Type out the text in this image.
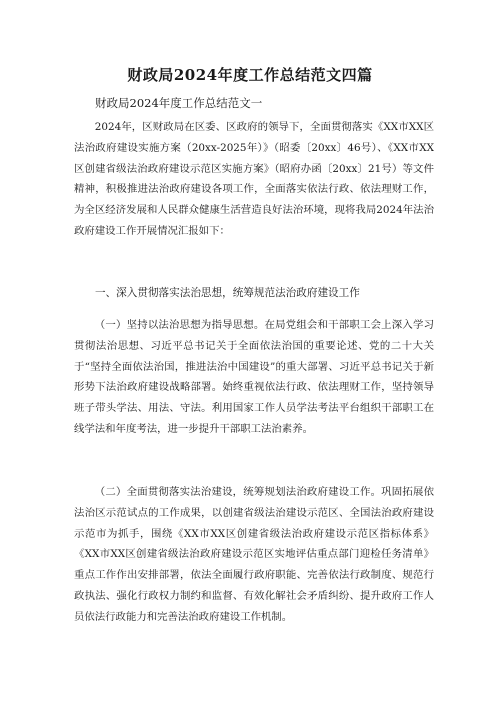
财政局2024年度工作总结范文四篇

财政局2024年度工作总结范文一

2024年，区财政局在区委、区政府的领导下，全面贯彻落实《XX市XX区法治政府建设实施方案（20xx-2025年）》（昭委〔20xx〕46号）、《XX市XX区创建省级法治政府建设示范区实施方案》（昭府办函〔20xx〕21号）等文件精神，积极推进法治政府建设各项工作，全面落实依法行政、依法理财工作，为全区经济发展和人民群众健康生活营造良好法治环境，现将我局2024年法治政府建设工作开展情况汇报如下：

一、深入贯彻落实法治思想，统筹规范法治政府建设工作

（一）坚持以法治思想为指导思想。在局党组会和干部职工会上深入学习贯彻法治思想、习近平总书记关于全面依法治国的重要论述、党的二十大关于“坚持全面依法治国，推进法治中国建设”的重大部署、习近平总书记关于新形势下法治政府建设战略部署。始终重视依法行政、依法理财工作，坚持领导班子带头学法、用法、守法。利用国家工作人员学法考法平台组织干部职工在线学法和年度考法，进一步提升干部职工法治素养。

（二）全面贯彻落实法治建设，统筹规划法治政府建设工作。巩固拓展依法治区示范试点的工作成果，以创建省级法治建设示范区、全国法治政府建设示范市为抓手，围绕《XX市XX区创建省级法治政府建设示范区指标体系》《XX市XX区创建省级法治政府建设示范区实地评估重点部门迎检任务清单》重点工作作出安排部署，依法全面履行政府职能、完善依法行政制度、规范行政执法、强化行政权力制约和监督、有效化解社会矛盾纠纷、提升政府工作人员依法行政能力和完善法治政府建设工作机制。
